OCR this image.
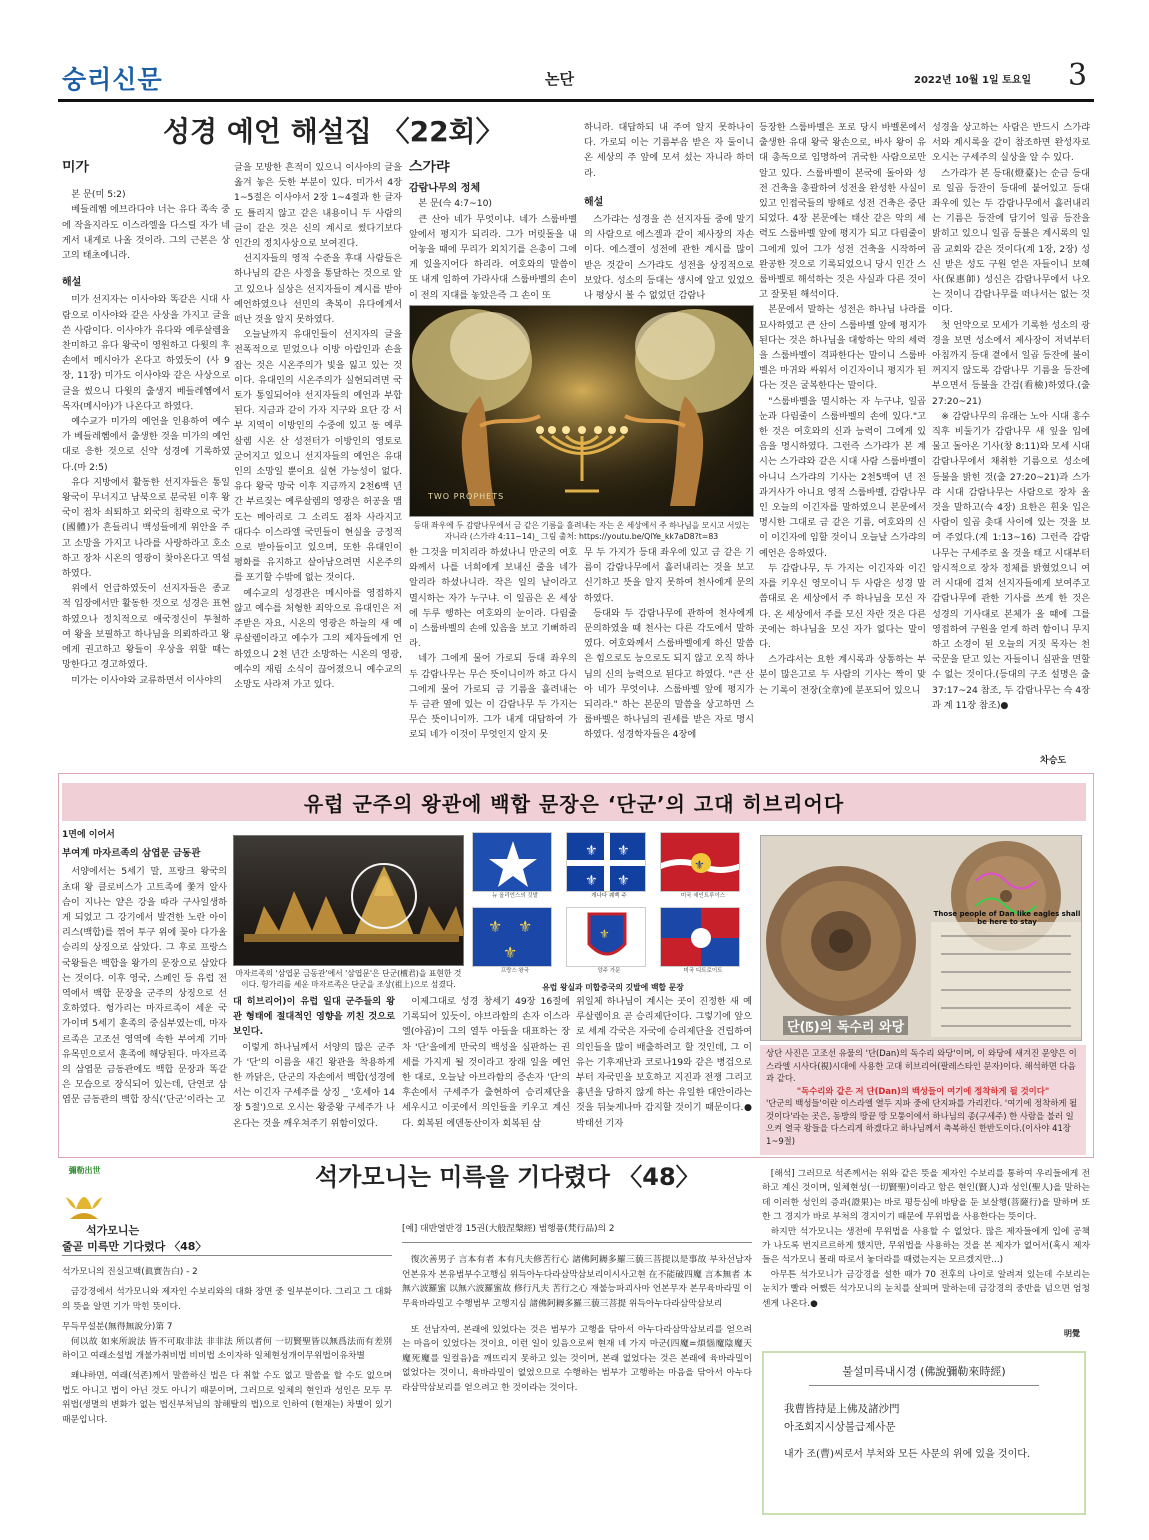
숭리신문	논단	2022년 10월 1일 토요일 3
성경 예언 해설집 〈22회〉
미가

본 문(미 5:2)

베들레헴 에브라다야 너는 유다 족속 중에 작을지라도 이스라엘을 다스릴 자가 네게서 내게로 나올 것이라. 그의 근본은 상고의 태초에니라.

해설

미가 선지자는 이사야와 똑같은 시대 사람으로 이사야와 같은 사상을 가지고 글을 쓴 사람이다. 이사야가 유다와 예루살렘을 찬미하고 유다 왕국이 영원하고 다윗의 후손에서 메시아가 온다고 하였듯이 (사 9장, 11장) 미가도 이사야와 같은 사상으로 글을 썼으니 다윗의 출생지 베들레헴에서 목자(메시아)가 나온다고 하였다.

예수교가 미가의 예언을 인용하여 예수가 베들레헴에서 출생한 것을 미가의 예언대로 응한 것으로 신약 성경에 기록하였다.(마 2:5)

유다 지방에서 활동한 선지자들은 통일 왕국이 무너지고 남북으로 분국된 이후 왕국이 점차 쇠퇴하고 외국의 침략으로 국가(國體)가 흔들리니 백성들에게 위안을 주고 소망을 가지고 나라를 사랑하라고 호소하고 장차 시온의 영광이 찾아온다고 역설하였다.

위에서 언급하였듯이 선지자들은 종교적 입장에서만 활동한 것으로 성경은 표현하였으나 정치적으로 애국정신이 투철하여 왕을 보필하고 하나님을 의뢰하라고 왕에게 권고하고 왕들이 우상을 위할 때는 망한다고 경고하였다.

미가는 이사야와 교류하면서 이사야의

글을 모방한 흔적이 있으니 이사야의 글을 옮겨 놓은 듯한 부분이 있다. 미가서 4장 1~5절은 이사야서 2장 1~4절과 한 글자도 틀리지 않고 같은 내용이니 두 사람의 글이 같은 것은 신의 계시로 썼다기보다 인간의 정치사상으로 보여진다.

선지자들의 영적 수준을 후대 사람들은 하나님의 같은 사정을 통달하는 것으로 알고 있으나 실상은 선지자들이 계시를 받아 예언하였으나 선민의 축복이 유다에게서 떠난 것을 알지 못하였다.

오늘날까지 유대인들이 선지자의 글을 전폭적으로 믿었으나 이방 아랍인과 손을 잡는 것은 시온주의가 빛을 잃고 있는 것이다. 유대인의 시온주의가 실현되려면 국토가 통일되어야 선지자들의 예언과 부합된다. 지금과 같이 가자 지구와 요단 강 서부 지역이 이방인의 수중에 있고 동 예루살렘 시온 산 성전터가 이방인의 영토로 굳어지고 있으니 선지자들의 예언은 유대인의 소망일 뿐이요 실현 가능성이 없다. 유다 왕국 망국 이후 지금까지 2천6백 년간 부르짖는 예루살렘의 영광은 허공을 맴도는 메아리로 그 소리도 점차 사라지고 대다수 이스라엘 국민들이 현실을 긍정적으로 받아들이고 있으며, 또한 유대인이 평화를 유지하고 살아남으려면 시온주의를 포기할 수밖에 없는 것이다.

예수교의 성경관은 메시아를 영접하지 않고 예수를 처형한 죄악으로 유대인은 저주받은 자요, 시온의 영광은 하늘의 새 예루살렘이라고 예수가 그의 제자들에게 언하였으니 2천 년간 소망하는 시온의 영광, 예수의 재림 소식이 끊어졌으니 예수교의 소망도 사라져 가고 있다.

스가랴
감람나무의 정체

본 문(슥 4:7~10)

큰 산아 네가 무엇이냐. 네가 스룹바벨 앞에서 평지가 되리라. 그가 머릿돌을 내어놓을 때에 무리가 외치기를 은총이 그에게 있을지어다 하리라. 여호와의 말씀이 또 내게 임하여 가라사대 스룹바벨의 손이 이 전의 지대를 놓았은즉 그 손이 또

하니라. 대답하되 내 주여 알지 못하나이다. 가로되 이는 기름부음 받은 자 둘이니 온 세상의 주 앞에 모셔 섰는 자니라 하더라.

해설

스가랴는 성경을 쓴 선지자들 중에 말기의 사람으로 에스겔과 같이 제사장의 자손이다. 에스겔이 성전에 관한 계시를 많이 받은 것같이 스가랴도 성전을 상징적으로 보았다. 성소의 등대는 생시에 알고 있었으나 평상시 볼 수 없었던 감람나

TWO PROPHETS
등대 좌우에 두 감람나무에서 금 같은 기름을 흘려내는 자는 온 세상에서 주 하나님을 모시고 서있는 자니라 (스가랴 4:11~14)_ 그림 출처: https://youtu.be/QlYe_kk7aD8?t=83

한 그것을 미치리라 하셨나니 만군의 여호와께서 나를 너희에게 보내신 줄을 네가 알리라 하셨나니라. 작은 일의 날이라고 멸시하는 자가 누구냐. 이 일곱은 온 세상에 두루 행하는 여호와의 눈이라. 다림줄이 스룹바벨의 손에 있음을 보고 기뻐하리라.

네가 그에게 물어 가로되 등대 좌우의 두 감람나무는 무슨 뜻이니이까 하고 다시 그에게 물어 가로되 금 기름을 흘려내는 두 금관 옆에 있는 이 감람나무 두 가지는 무슨 뜻이니이까. 그가 내게 대답하여 가로되 네가 이것이 무엇인지 알지 못

무 두 가지가 등대 좌우에 있고 금 같은 기름이 감람나무에서 흘러내리는 것을 보고 신기하고 뜻을 알지 못하여 천사에게 문의하였다.

등대와 두 감람나무에 관하여 천사에게 문의하였을 때 천사는 다른 각도에서 말하였다. 여호와께서 스룹바벨에게 하신 말씀은 힘으로도 능으로도 되지 않고 오직 하나님의 신의 능력으로 된다고 하였다. "큰 산아 네가 무엇이냐. 스룹바벨 앞에 평지가 되리라." 하는 본문의 말씀을 상고하면 스룹바벨은 하나님의 권세를 받은 자로 명시하였다. 성경학자들은 4장에

등장한 스룹바벨은 포로 당시 바벨론에서 출생한 유대 왕국 왕손으로, 바사 왕이 유대 총독으로 임명하여 귀국한 사람으로만 알고 있다. 스룹바벨이 본국에 돌아와 성전 건축을 총괄하여 성전을 완성한 사실이 있고 인접국들의 방해로 성전 건축은 중단되었다. 4장 본문에는 태산 같은 악의 세력도 스룹바벨 앞에 평지가 되고 다림줄이 그에게 있어 그가 성전 건축을 시작하여 완공한 것으로 기록되었으니 당시 인간 스룹바벨로 해석하는 것은 사실과 다른 것이고 잘못된 해석이다.

본문에서 말하는 성전은 하나님 나라를 묘사하였고 큰 산이 스룹바벨 앞에 평지가 된다는 것은 하나님을 대항하는 악의 세력을 스룹바벨이 격파한다는 말이니 스룹바벨은 마귀와 싸워서 이긴자이니 평지가 된다는 것은 굴복한다는 말이다.

"스룹바벨을 멸시하는 자 누구냐, 일곱 눈과 다림줄이 스룹바벨의 손에 있다."고 한 것은 여호와의 신과 능력이 그에게 있음을 명시하였다. 그런즉 스가랴가 본 계시는 스가랴와 같은 시대 사람 스룹바벨이 아니니 스가랴의 기사는 2천5백여 년 전 과거사가 아니요 영적 스룹바벨, 감람나무인 오늘의 이긴자를 말하였으니 본문에서 명시한 그대로 금 같은 기름, 여호와의 신이 이긴자에 임할 것이니 오늘날 스가랴의 예언은 응하였다.

두 감람나무, 두 가지는 이긴자와 이긴자를 키우신 영모이니 두 사람은 성경 말씀대로 온 세상에서 주 하나님을 모신 자다. 온 세상에서 주를 모신 자란 것은 다른 곳에는 하나님을 모신 자가 없다는 말이다.

스가랴서는 요한 계시록과 상통하는 부분이 많은고로 두 사람의 기사는 짝이 맞는 기록이 전장(全章)에 분포되어 있으니

성경을 상고하는 사람은 반드시 스가랴서와 계시록을 같이 참조하면 완성자로 오시는 구세주의 실상을 알 수 있다.

스가랴가 본 등대(燈臺)는 순금 등대로 일곱 등잔이 등대에 붙어있고 등대 좌우에 있는 두 감람나무에서 흘러내리는 기름은 등잔에 담기어 일곱 등잔을 밝히고 있으니 일곱 등불은 계시록의 일곱 교회와 같은 것이다(계 1장, 2장) 성신 받은 성도 구원 얻은 자들이니 보혜사(保惠師) 성신은 감람나무에서 나오는 것이니 감람나무를 떠나서는 없는 것이다.

첫 언약으로 모세가 기록한 성소의 광경을 보면 성소에서 제사장이 저녁부터 아침까지 등대 곁에서 일곱 등잔에 불이 꺼지지 않도록 감람나무 기름을 등잔에 부으면서 등불을 간검(看檢)하였다.(출 27:20~21)

※ 감람나무의 유래는 노아 시대 홍수 직후 비둘기가 감람나무 새 잎을 입에 물고 돌아온 기사(창 8:11)와 모세 시대 감람나무에서 채취한 기름으로 성소에 등불을 밝힌 것(출 27:20~21)과 스가랴 시대 감람나무는 사람으로 장차 올 것을 말하고(슥 4장) 요한은 흰옷 입은 사람이 일곱 촛대 사이에 있는 것을 보여 주었다.(계 1:13~16) 그런즉 감람나무는 구세주로 올 것을 태고 시대부터 암시적으로 장차 정체를 밝혔었으니 여러 시대에 걸쳐 선지자들에게 보여주고 감람나무에 관한 기사를 쓰게 한 것은 성경의 기사대로 본체가 올 때에 그를 영접하여 구원을 얻게 하려 함이니 무지하고 소경이 된 오늘의 거짓 목자는 천국문을 닫고 있는 자들이니 심판을 면할 수 없는 것이다.(등대의 구조 설명은 출 37:17~24 참조, 두 감람나무는 슥 4장과 계 11장 참조)●

차승도
유럽 군주의 왕관에 백합 문장은 ‘단군’의 고대 히브리어다
1면에 이어서
부여계 마자르족의 삼엽문 금동관

서양에서는 5세기 말, 프랑크 왕국의 초대 왕 클로비스가 고트족에 쫓겨 알사슴이 지나는 얕은 강을 따라 구사일생하게 되었고 그 강기에서 발견한 노란 아이리스(백합)를 꺾어 투구 위에 꽂아 다가올 승리의 상징으로 삼았다. 그 후로 프랑스 국왕들은 백합을 왕가의 문장으로 삼았다는 것이다. 이후 영국, 스페인 등 유럽 전역에서 백합 문장을 군주의 상징으로 선호하였다. 헝가리는 마자르족이 세운 국가이며 5세기 훈족의 중심부였는데, 마자르족은 고조선 영역에 속한 부여계 기마유목민으로서 훈족에 해당된다. 마자르족의 삼엽문 금동관에도 백합 문장과 똑같은 모습으로 장식되어 있는데, 단연코 삼엽문 금동관의 백합 장식(‘단군’이라는 고

마자르족의 '삼엽문 금동관'에서 '삼엽문'은 단군(檀君)을 표현한 것이다. 헝가리를 세운 마자르족은 단군을 조상(祖上)으로 섬겼다.
뉴 올리언스의 깃발
⚜ ⚜
⚜ ⚜
캐나다 퀘벡 주
⚜
미국 세인트루이스
⚜ ⚜
⚜
프랑스 왕국
⚜
앙주 가문	미국 디트로이트
유럽 왕실과 미합중국의 깃발에 백합 문장

대 히브리어)이 유럽 일대 군주들의 왕관 형태에 절대적인 영향을 끼친 것으로 보인다.

이렇게 하나님께서 서양의 많은 군주가 '단'의 이름을 새긴 왕관을 착용하게 한 까닭은, 단군의 자손에서 백합(성경에서는 이긴자 구세주를 상징 _ '호세아 14장 5절')으로 오시는 왕중왕 구세주가 나온다는 것을 깨우쳐주기 위함이었다.

이제그대로 성경 창세기 49장 16절에 기록되어 있듯이, 야브라함의 손자 이스라엘(야곱)이 그의 열두 아들을 대표하는 장차 '단’을에게 만국의 백성을 심판하는 권세를 가지게 될 것이라고 장래 일을 예언한 대로, 오늘날 아브라함의 증손자 '단'의 후손에서 구세주가 출현하여 승리제단을 세우시고 이곳에서 의인들을 키우고 계신다. 회복된 에덴동산이자 회복된 삼

위일체 하나님이 계시는 곳이 진정한 새 예루살렘이요 곧 승리제단이다. 그렇기에 앞으로 세계 각국은 자국에 승리제단을 건립하여 의인들을 많이 배출하려고 할 것인데, 그 이유는 기후재난과 코로나19와 같은 병겁으로부터 자국민을 보호하고 지진과 전쟁 그리고 흉년을 당하지 않게 하는 유일한 대안이라는 것을 뒤늦게나마 감지할 것이기 때문이다.● 박태선 기자

Those people of Dan like eagles shall be here to stay
단(ꡑ)의 독수리 와당
상단 사진은 고조선 유물의 '단(Dan)의 독수리 와당'이며, 이 와당에 새겨진 문양은 이스라엘 시사다(視)시대에 사용한 고대 히브리어(팔레스타인 문자)이다. 해석하면 다음과 같다.
"독수리와 같은 저 단(Dan)의 백성들이 여기에 정착하게 될 것이다"
'단군의 백성들'이란 이스라엘 열두 지파 중에 단지파를 가리킨다. '여기에 정착하게 될 것이다'라는 곳은, 동방의 땅끝 땅 모퉁이에서 하나님의 종(구세주) 한 사람을 불러 일으켜 열국 왕들을 다스리게 하겠다고 하나님께서 축복하신 한반도이다.(이사야 41장 1~9절)
彌勒出世	석가모니는 미륵을 기다렸다 〈48〉
석가모니는
줄곧 미륵만 기다렸다 〈48〉
석가모니의 진실고백(眞實告白) - 2

금강경에서 석가모니와 제자인 수보리와의 대화 장면 중 일부분이다. 그리고 그 대화의 뜻을 알면 기가 막힌 뜻이다.

무득무설분(無得無說分)第 7

何以故 如來所說法 皆不可取非法 非非法 所以者何 一切賢聖皆以無爲法而有差別 하이고 여래소설법 개불가취비법 비비법 소이자하 일체현성개이무위법이유차별

왜냐하면, 여래(석존)께서 말씀하신 법은 다 취할 수도 없고 말씀을 할 수도 없으며 법도 아니고 법이 아닌 것도 아니기 때문이며, 그러므로 일체의 현인과 성인은 모두 무위법(생멸의 변화가 없는 법신부처님의 참해탈의 법)으로 인하여 (현재는) 차별이 있기 때문입니다.

[예] 대반열반경 15권(大般涅槃經) 범행품(梵行品)의 2

復次善男子 言本有者 本有凡夫修苦行心 諸佛阿耨多羅三藐三菩提以是事故 부차선남자 언본유자 본유범부수고행심 위득아누다라삼막삼보리이시사고현 在不能破四魔 言本無者 本無六波羅蜜 以無六波羅蜜故 修行凡夫 苦行之心 재불능파괴사마 언본무자 본무육바라밀 이무육바라밀고 수행범부 고행지심 諸佛阿耨多羅三藐三菩提 위득아누다라삼막삼보리

또 선남자여, 본래에 있었다는 것은 범부가 고행을 닦아서 아누다라삼막삼보리를 얻으려는 마음이 있었다는 것이요, 이런 일이 있음으로써 현재 네 가지 마군(四魔=煩惱魔陰魔天魔死魔를 일컬음)을 깨뜨리지 못하고 있는 것이며, 본래 없었다는 것은 본래에 육바라밀이 없었다는 것이니, 육바라밀이 없었으므로 수행하는 범부가 고행하는 마음을 닦아서 아누다라삼막삼보리를 얻으려고 한 것이라는 것이다.

[해석] 그러므로 석존께서는 위와 같은 뜻을 제자인 수보리를 통하여 우리들에게 전하고 계신 것이며, 일체현성(一切賢聖)이라고 함은 현인(賢人)과 성인(聖人)을 말하는데 이러한 성인의 증과(證果)는 바로 평등심에 바탕을 둔 보살행(菩薩行)을 말하며 또한 그 경지가 바로 부처의 경지이기 때문에 무위법을 사용한다는 뜻이다.

하지만 석가모니는 생전에 무위법을 사용할 수 없었다. 많은 제자들에게 입에 공책가 나도록 번지르르하게 했지만, 무위법을 사용하는 것을 본 제자가 없어서(혹시 제자들은 석가모니 몰래 따로서 놓더라를 때렸는지는 모르겠지만...)

아무튼 석가모니가 금강경을 설한 때가 70 전후의 나이로 알려져 있는데 수보리는 눈치가 빨라 어쨌든 석가모니의 눈치를 살피며 말하는데 금강경의 중반을 넘으면 엄청 센게 나온다.●

明覺
불설미륵내시경 (佛說彌勒來時經)
我曹皆持是上佛及諸沙門
아조회지시상불급제사문
내가 조(曹)씨로서 부처와 모든 사문의 위에 있을 것이다.
